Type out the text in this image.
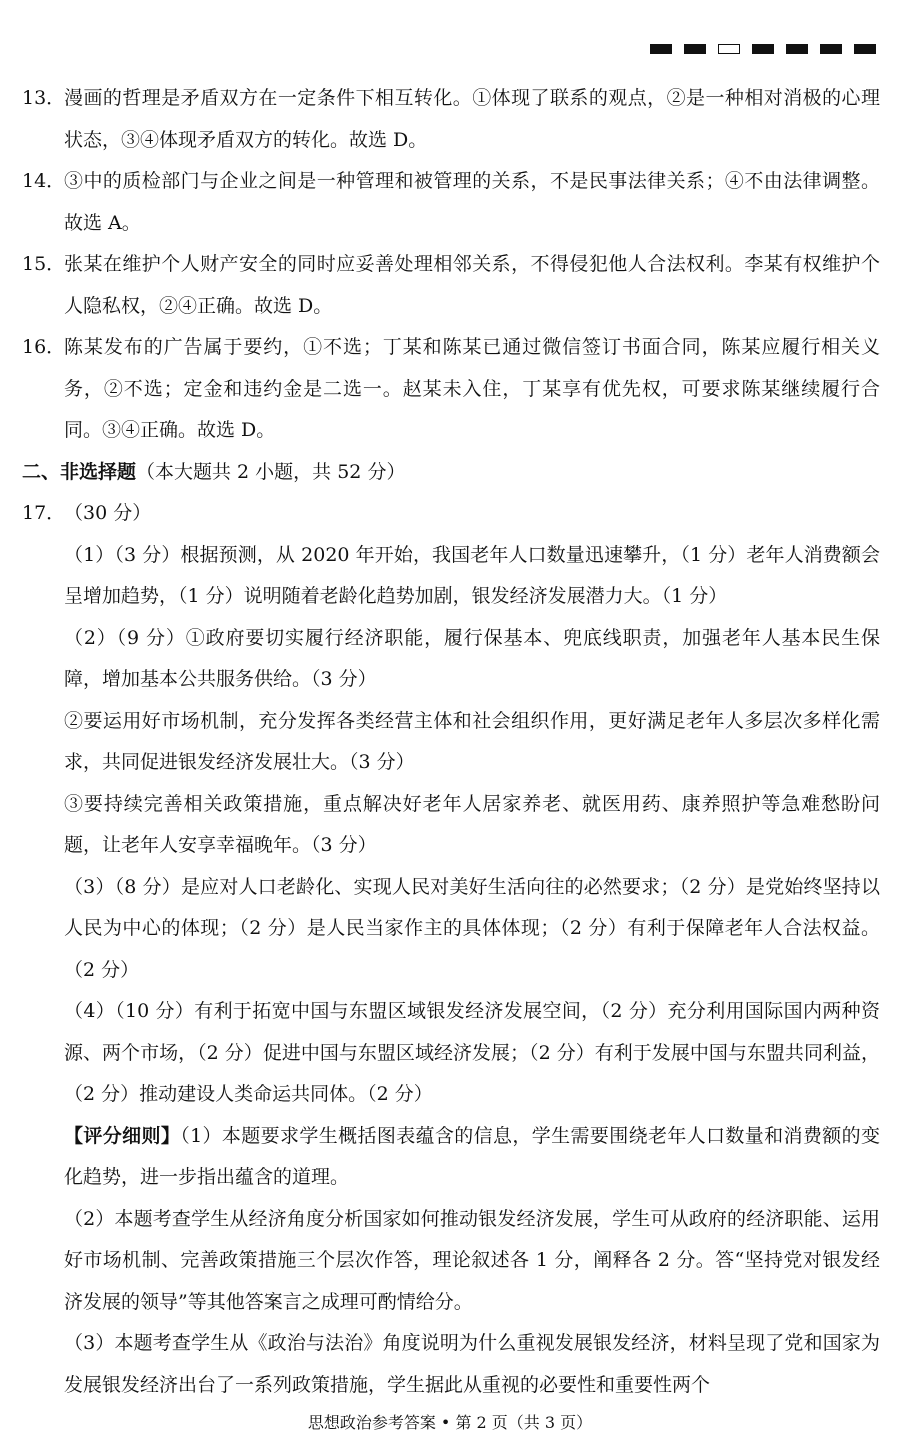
13．
漫画的哲理是矛盾双方在一定条件下相互转化。①体现了联系的观点，②是一种相对消极的心理状态，③④体现矛盾双方的转化。故选 D。
14．
③中的质检部门与企业之间是一种管理和被管理的关系，不是民事法律关系；④不由法律调整。故选 A。
15．
张某在维护个人财产安全的同时应妥善处理相邻关系，不得侵犯他人合法权利。李某有权维护个人隐私权，②④正确。故选 D。
16．
陈某发布的广告属于要约，①不选；丁某和陈某已通过微信签订书面合同，陈某应履行相关义务，②不选；定金和违约金是二选一。赵某未入住，丁某享有优先权，可要求陈某继续履行合同。③④正确。故选 D。
二、非选择题（本大题共 2 小题，共 52 分）
17．
（30 分）
（1）（3 分）根据预测，从 2020 年开始，我国老年人口数量迅速攀升，（1 分）老年人消费额会呈增加趋势，（1 分）说明随着老龄化趋势加剧，银发经济发展潜力大。（1 分）
（2）（9 分）①政府要切实履行经济职能，履行保基本、兜底线职责，加强老年人基本民生保障，增加基本公共服务供给。（3 分）
②要运用好市场机制，充分发挥各类经营主体和社会组织作用，更好满足老年人多层次多样化需求，共同促进银发经济发展壮大。（3 分）
③要持续完善相关政策措施，重点解决好老年人居家养老、就医用药、康养照护等急难愁盼问题，让老年人安享幸福晚年。（3 分）
（3）（8 分）是应对人口老龄化、实现人民对美好生活向往的必然要求；（2 分）是党始终坚持以人民为中心的体现；（2 分）是人民当家作主的具体体现；（2 分）有利于保障老年人合法权益。（2 分）
（4）（10 分）有利于拓宽中国与东盟区域银发经济发展空间，（2 分）充分利用国际国内两种资源、两个市场，（2 分）促进中国与东盟区域经济发展；（2 分）有利于发展中国与东盟共同利益，（2 分）推动建设人类命运共同体。（2 分）
【评分细则】（1）本题要求学生概括图表蕴含的信息，学生需要围绕老年人口数量和消费额的变化趋势，进一步指出蕴含的道理。
（2）本题考查学生从经济角度分析国家如何推动银发经济发展，学生可从政府的经济职能、运用好市场机制、完善政策措施三个层次作答，理论叙述各 1 分，阐释各 2 分。答“坚持党对银发经济发展的领导”等其他答案言之成理可酌情给分。
（3）本题考查学生从《政治与法治》角度说明为什么重视发展银发经济，材料呈现了党和国家为发展银发经济出台了一系列政策措施，学生据此从重视的必要性和重要性两个
思想政治参考答案 • 第 2 页（共 3 页）
